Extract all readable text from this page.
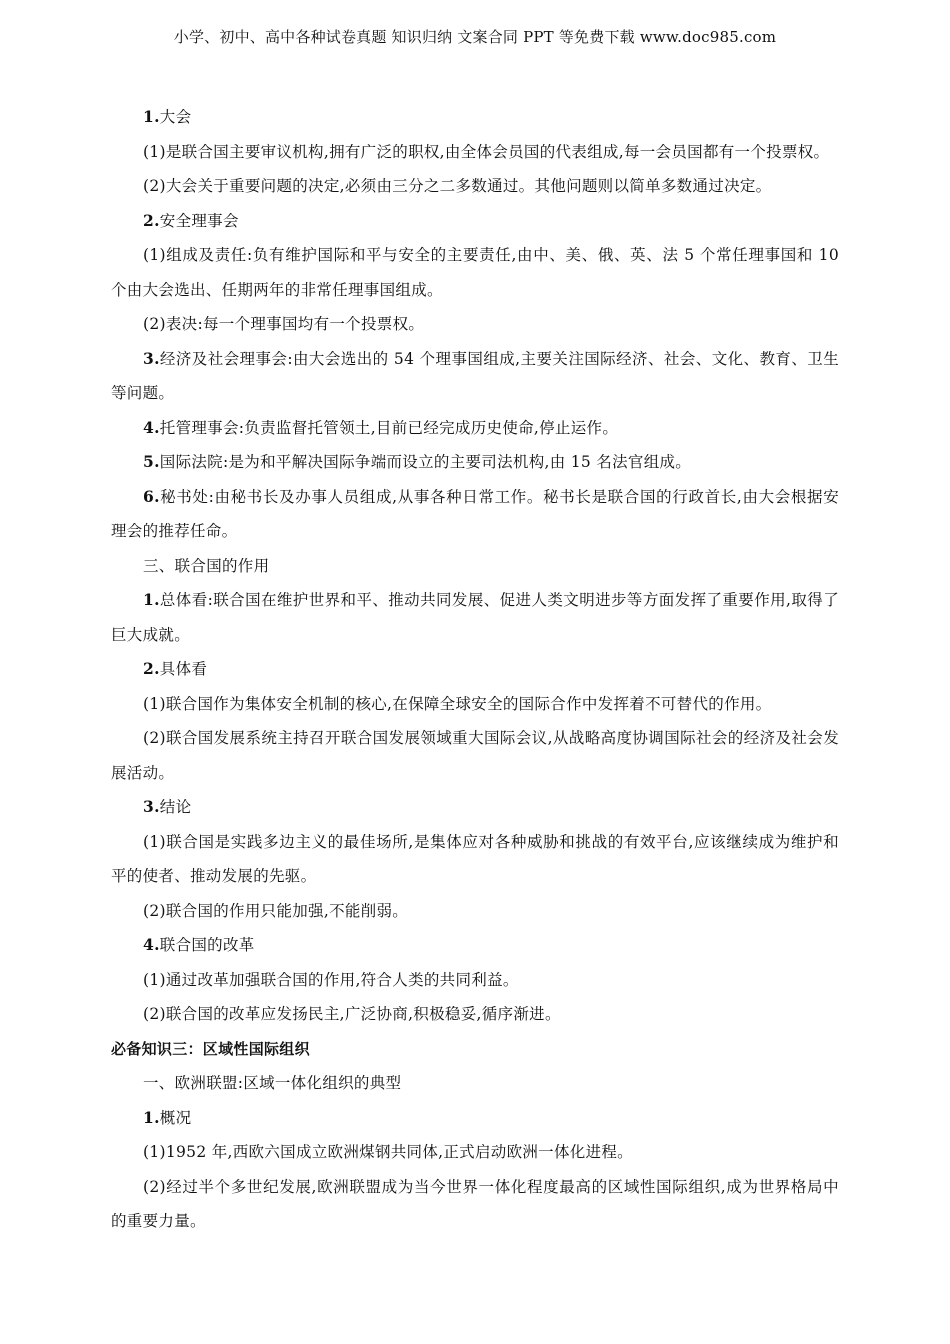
小学、初中、高中各种试卷真题 知识归纳 文案合同 PPT 等免费下载 www.doc985.com

1.大会

(1)是联合国主要审议机构,拥有广泛的职权,由全体会员国的代表组成,每一会员国都有一个投票权。

(2)大会关于重要问题的决定,必须由三分之二多数通过。其他问题则以简单多数通过决定。

2.安全理事会

(1)组成及责任:负有维护国际和平与安全的主要责任,由中、美、俄、英、法 5 个常任理事国和 10 个由大会选出、任期两年的非常任理事国组成。

(2)表决:每一个理事国均有一个投票权。

3.经济及社会理事会:由大会选出的 54 个理事国组成,主要关注国际经济、社会、文化、教育、卫生等问题。

4.托管理事会:负责监督托管领土,目前已经完成历史使命,停止运作。

5.国际法院:是为和平解决国际争端而设立的主要司法机构,由 15 名法官组成。

6.秘书处:由秘书长及办事人员组成,从事各种日常工作。秘书长是联合国的行政首长,由大会根据安理会的推荐任命。

三、联合国的作用

1.总体看:联合国在维护世界和平、推动共同发展、促进人类文明进步等方面发挥了重要作用,取得了巨大成就。

2.具体看

(1)联合国作为集体安全机制的核心,在保障全球安全的国际合作中发挥着不可替代的作用。

(2)联合国发展系统主持召开联合国发展领域重大国际会议,从战略高度协调国际社会的经济及社会发展活动。

3.结论

(1)联合国是实践多边主义的最佳场所,是集体应对各种威胁和挑战的有效平台,应该继续成为维护和平的使者、推动发展的先驱。

(2)联合国的作用只能加强,不能削弱。

4.联合国的改革

(1)通过改革加强联合国的作用,符合人类的共同利益。

(2)联合国的改革应发扬民主,广泛协商,积极稳妥,循序渐进。

必备知识三：区域性国际组织

一、欧洲联盟:区域一体化组织的典型

1.概况

(1)1952 年,西欧六国成立欧洲煤钢共同体,正式启动欧洲一体化进程。

(2)经过半个多世纪发展,欧洲联盟成为当今世界一体化程度最高的区域性国际组织,成为世界格局中的重要力量。
